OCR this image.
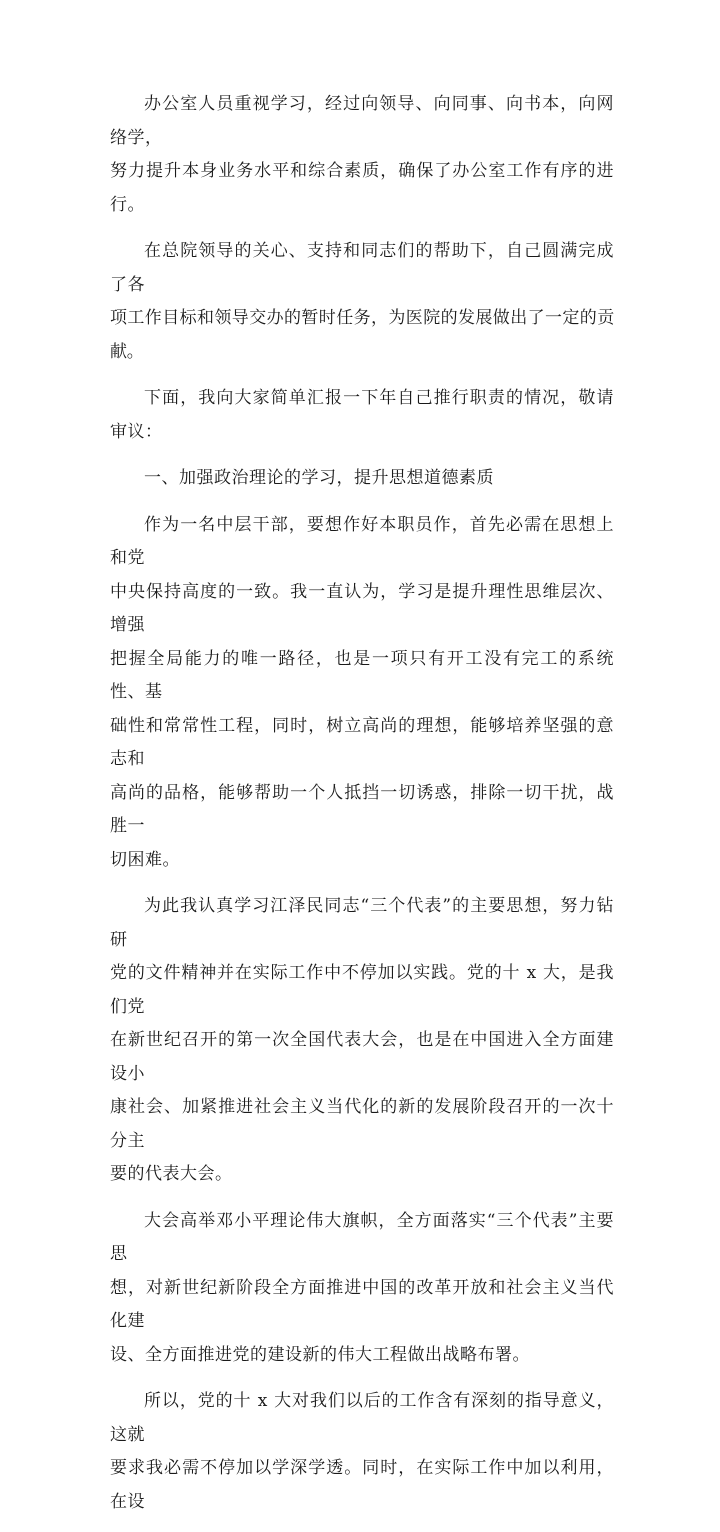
办公室人员重视学习，经过向领导、向同事、向书本，向网络学，
努力提升本身业务水平和综合素质，确保了办公室工作有序的进行。

在总院领导的关心、支持和同志们的帮助下，自己圆满完成了各
项工作目标和领导交办的暂时任务，为医院的发展做出了一定的贡献。

下面，我向大家简单汇报一下年自己推行职责的情况，敬请审议：

一、加强政治理论的学习，提升思想道德素质

作为一名中层干部，要想作好本职员作，首先必需在思想上和党
中央保持高度的一致。我一直认为，学习是提升理性思维层次、增强
把握全局能力的唯一路径，也是一项只有开工没有完工的系统性、基
础性和常常性工程，同时，树立高尚的理想，能够培养坚强的意志和
高尚的品格，能够帮助一个人抵挡一切诱惑，排除一切干扰，战胜一
切困难。

为此我认真学习江泽民同志“三个代表”的主要思想，努力钻研
党的文件精神并在实际工作中不停加以实践。党的十 x 大，是我们党
在新世纪召开的第一次全国代表大会，也是在中国进入全方面建设小
康社会、加紧推进社会主义当代化的新的发展阶段召开的一次十分主
要的代表大会。

大会高举邓小平理论伟大旗帜，全方面落实“三个代表”主要思
想，对新世纪新阶段全方面推进中国的改革开放和社会主义当代化建
设、全方面推进党的建设新的伟大工程做出战略布署。

所以，党的十 x 大对我们以后的工作含有深刻的指导意义，这就
要求我必需不停加以学深学透。同时，在实际工作中加以利用，在设
